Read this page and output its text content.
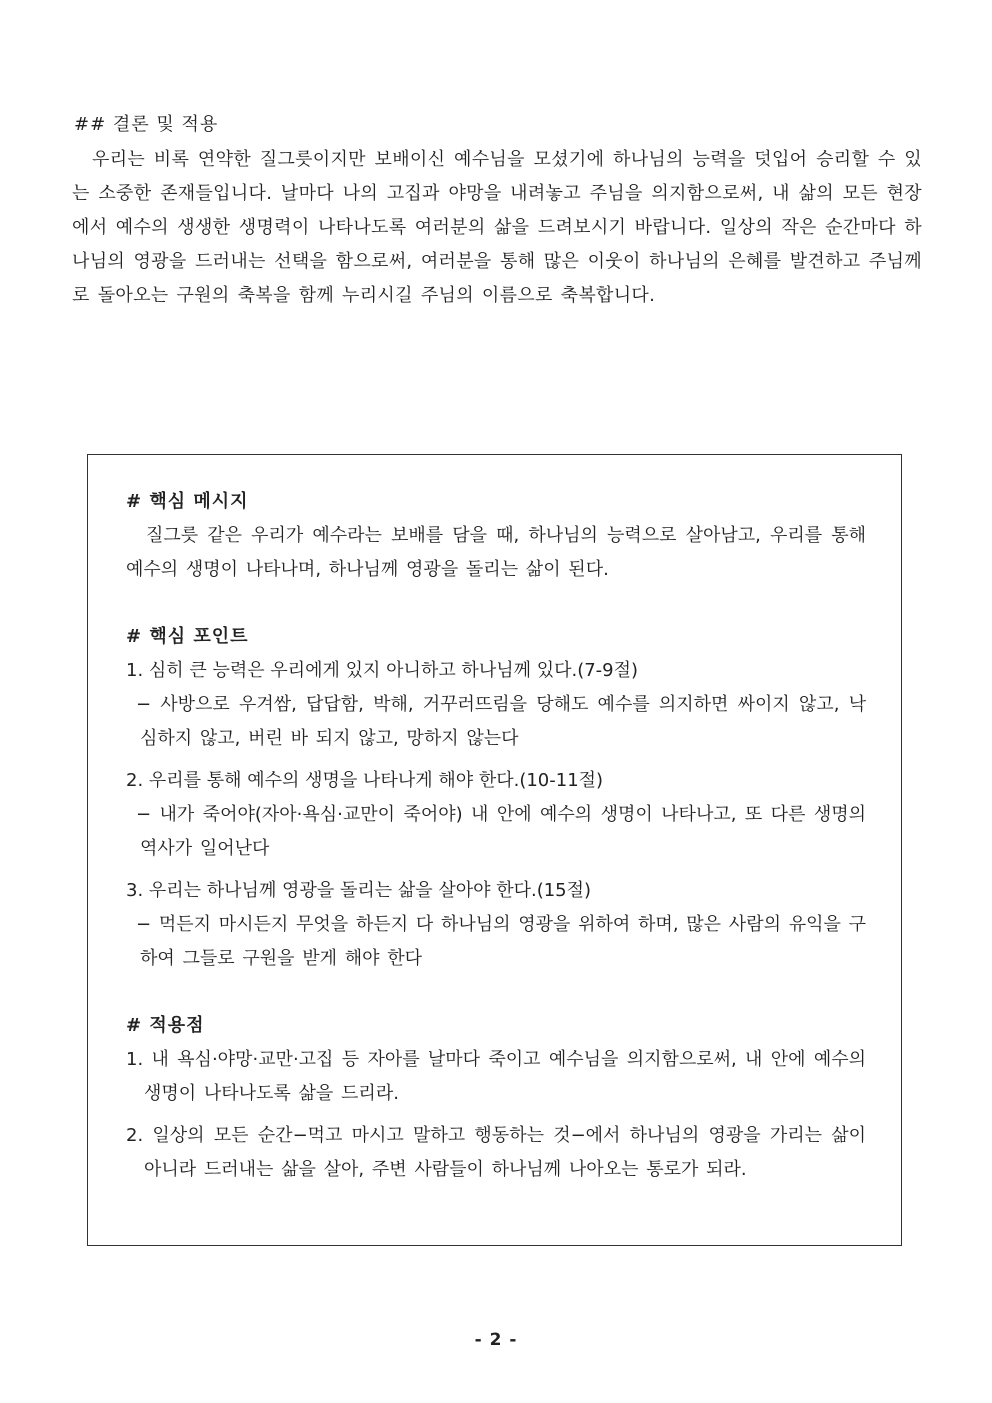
## 결론 및 적용
우리는 비록 연약한 질그릇이지만 보배이신 예수님을 모셨기에 하나님의 능력을 덧입어 승리할 수 있는 소중한 존재들입니다. 날마다 나의 고집과 야망을 내려놓고 주님을 의지함으로써, 내 삶의 모든 현장에서 예수의 생생한 생명력이 나타나도록 여러분의 삶을 드려보시기 바랍니다. 일상의 작은 순간마다 하나님의 영광을 드러내는 선택을 함으로써, 여러분을 통해 많은 이웃이 하나님의 은혜를 발견하고 주님께로 돌아오는 구원의 축복을 함께 누리시길 주님의 이름으로 축복합니다.

# 핵심 메시지

질그릇 같은 우리가 예수라는 보배를 담을 때, 하나님의 능력으로 살아남고, 우리를 통해 예수의 생명이 나타나며, 하나님께 영광을 돌리는 삶이 된다.

# 핵심 포인트

1. 심히 큰 능력은 우리에게 있지 아니하고 하나님께 있다.(7-9절)

− 사방으로 우겨쌈, 답답함, 박해, 거꾸러뜨림을 당해도 예수를 의지하면 싸이지 않고, 낙심하지 않고, 버린 바 되지 않고, 망하지 않는다

2. 우리를 통해 예수의 생명을 나타나게 해야 한다.(10-11절)

− 내가 죽어야(자아·욕심·교만이 죽어야) 내 안에 예수의 생명이 나타나고, 또 다른 생명의 역사가 일어난다

3. 우리는 하나님께 영광을 돌리는 삶을 살아야 한다.(15절)

− 먹든지 마시든지 무엇을 하든지 다 하나님의 영광을 위하여 하며, 많은 사람의 유익을 구하여 그들로 구원을 받게 해야 한다

# 적용점

1. 내 욕심·야망·교만·고집 등 자아를 날마다 죽이고 예수님을 의지함으로써, 내 안에 예수의 생명이 나타나도록 삶을 드리라.

2. 일상의 모든 순간−먹고 마시고 말하고 행동하는 것−에서 하나님의 영광을 가리는 삶이 아니라 드러내는 삶을 살아, 주변 사람들이 하나님께 나아오는 통로가 되라.

- 2 -
